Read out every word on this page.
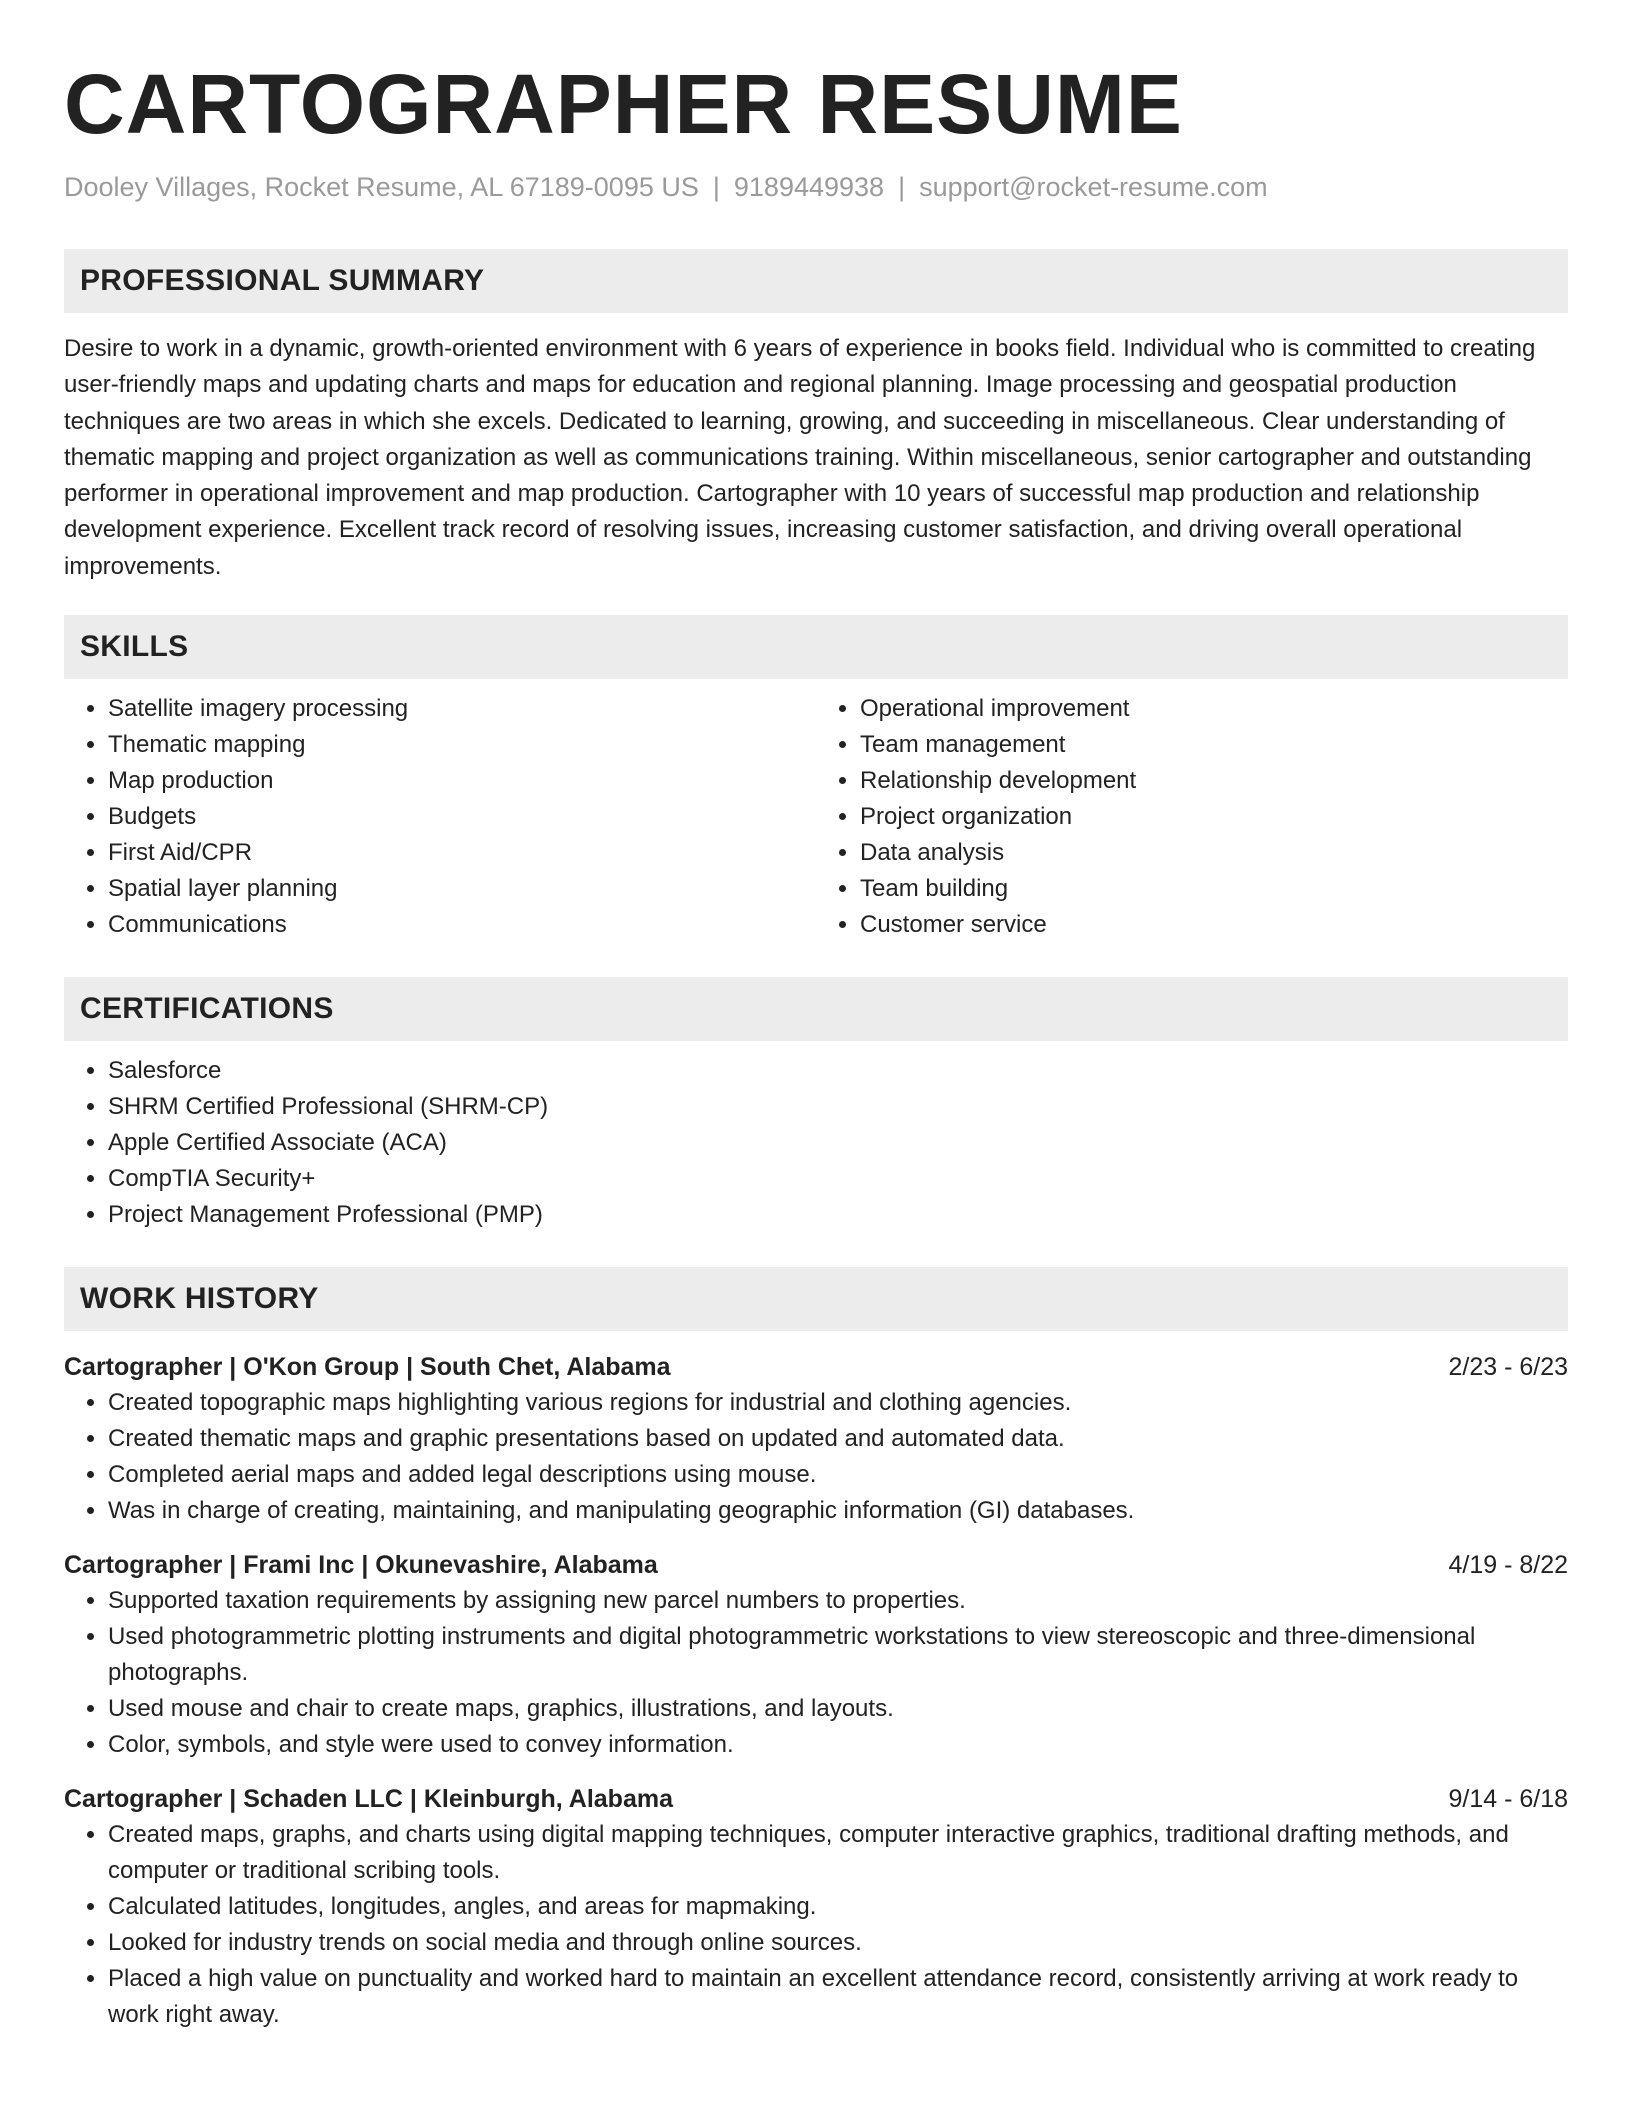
CARTOGRAPHER RESUME
Dooley Villages, Rocket Resume, AL 67189-0095 US | 9189449938 | support@rocket-resume.com
PROFESSIONAL SUMMARY

Desire to work in a dynamic, growth-oriented environment with 6 years of experience in books field. Individual who is committed to creating user-friendly maps and updating charts and maps for education and regional planning. Image processing and geospatial production techniques are two areas in which she excels. Dedicated to learning, growing, and succeeding in miscellaneous. Clear understanding of thematic mapping and project organization as well as communications training. Within miscellaneous, senior cartographer and outstanding performer in operational improvement and map production. Cartographer with 10 years of successful map production and relationship development experience. Excellent track record of resolving issues, increasing customer satisfaction, and driving overall operational improvements.

SKILLS
• Satellite imagery processing
• Thematic mapping
• Map production
• Budgets
• First Aid/CPR
• Spatial layer planning
• Communications
• Operational improvement
• Team management
• Relationship development
• Project organization
• Data analysis
• Team building
• Customer service
CERTIFICATIONS
• Salesforce
• SHRM Certified Professional (SHRM-CP)
• Apple Certified Associate (ACA)
• CompTIA Security+
• Project Management Professional (PMP)
WORK HISTORY
Cartographer | O'Kon Group | South Chet, Alabama	2/23 - 6/23
• Created topographic maps highlighting various regions for industrial and clothing agencies.
• Created thematic maps and graphic presentations based on updated and automated data.
• Completed aerial maps and added legal descriptions using mouse.
• Was in charge of creating, maintaining, and manipulating geographic information (GI) databases.
Cartographer | Frami Inc | Okunevashire, Alabama	4/19 - 8/22
• Supported taxation requirements by assigning new parcel numbers to properties.
• Used photogrammetric plotting instruments and digital photogrammetric workstations to view stereoscopic and three-dimensional photographs.
• Used mouse and chair to create maps, graphics, illustrations, and layouts.
• Color, symbols, and style were used to convey information.
Cartographer | Schaden LLC | Kleinburgh, Alabama	9/14 - 6/18
• Created maps, graphs, and charts using digital mapping techniques, computer interactive graphics, traditional drafting methods, and computer or traditional scribing tools.
• Calculated latitudes, longitudes, angles, and areas for mapmaking.
• Looked for industry trends on social media and through online sources.
• Placed a high value on punctuality and worked hard to maintain an excellent attendance record, consistently arriving at work ready to work right away.
